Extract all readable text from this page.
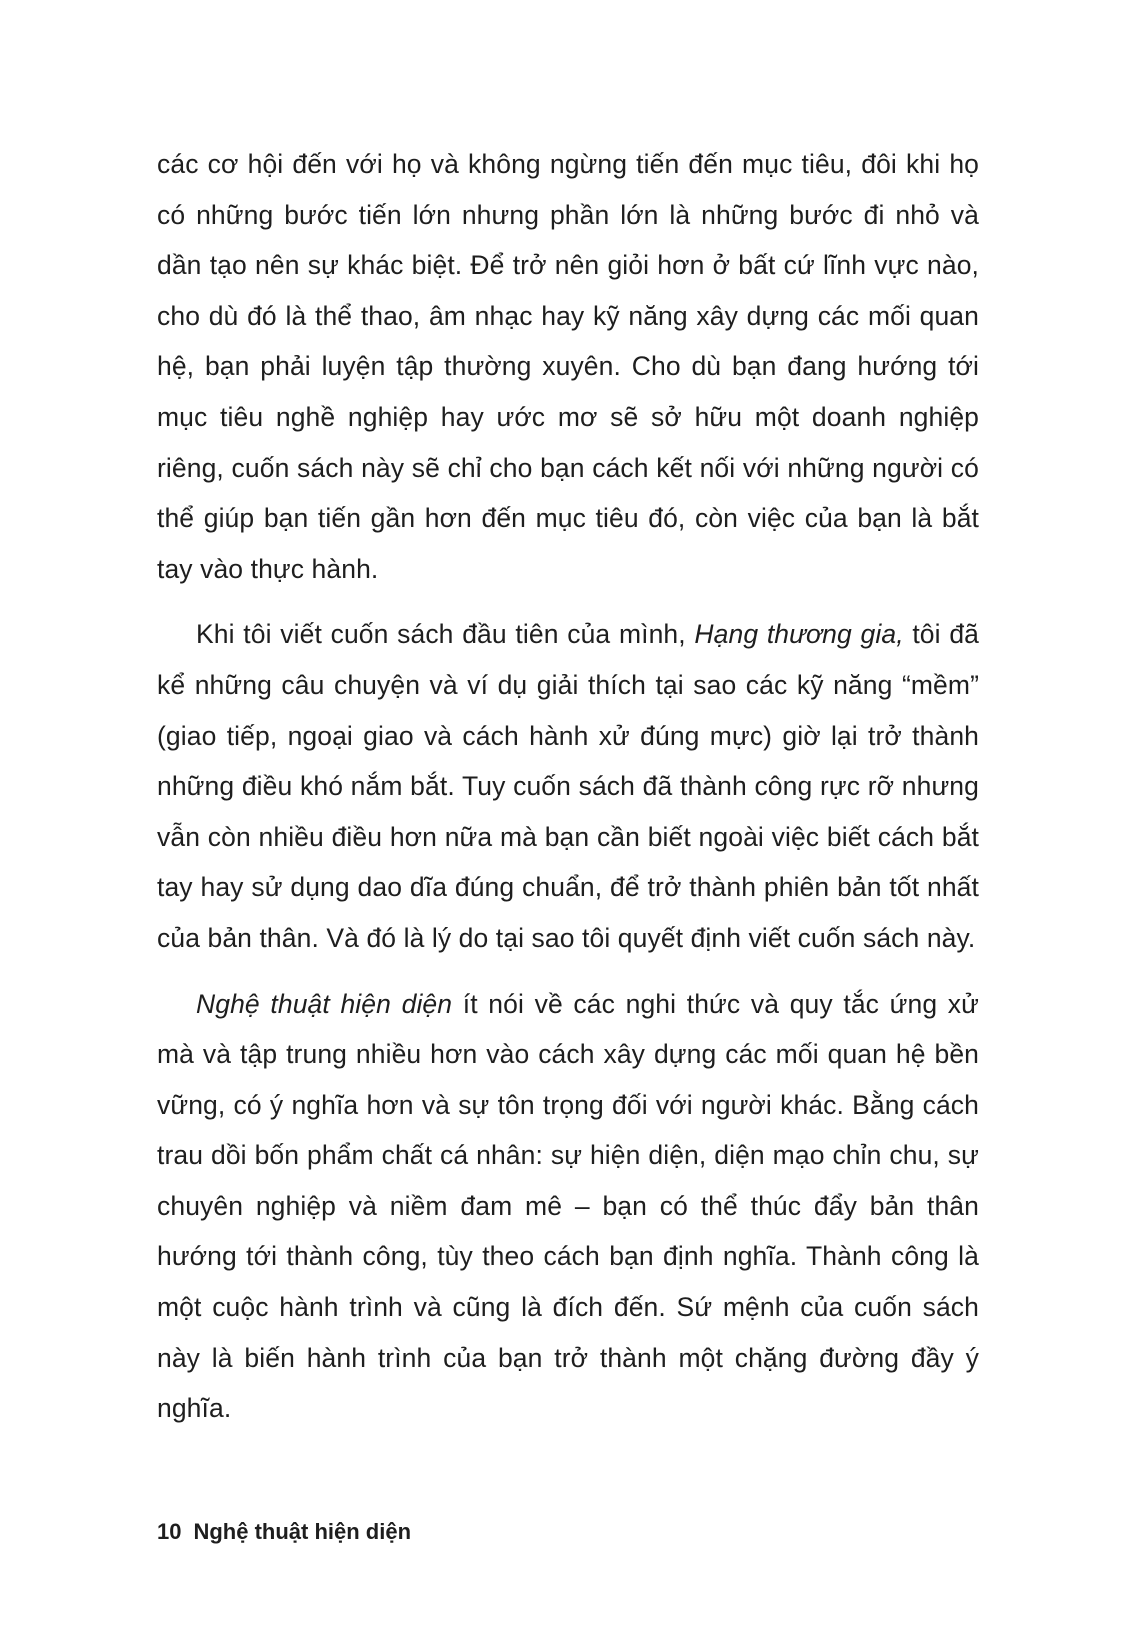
các cơ hội đến với họ và không ngừng tiến đến mục tiêu, đôi khi họ có những bước tiến lớn nhưng phần lớn là những bước đi nhỏ và dần tạo nên sự khác biệt. Để trở nên giỏi hơn ở bất cứ lĩnh vực nào, cho dù đó là thể thao, âm nhạc hay kỹ năng xây dựng các mối quan hệ, bạn phải luyện tập thường xuyên. Cho dù bạn đang hướng tới mục tiêu nghề nghiệp hay ước mơ sẽ sở hữu một doanh nghiệp riêng, cuốn sách này sẽ chỉ cho bạn cách kết nối với những người có thể giúp bạn tiến gần hơn đến mục tiêu đó, còn việc của bạn là bắt tay vào thực hành.

Khi tôi viết cuốn sách đầu tiên của mình, Hạng thương gia, tôi đã kể những câu chuyện và ví dụ giải thích tại sao các kỹ năng “mềm” (giao tiếp, ngoại giao và cách hành xử đúng mực) giờ lại trở thành những điều khó nắm bắt. Tuy cuốn sách đã thành công rực rỡ nhưng vẫn còn nhiều điều hơn nữa mà bạn cần biết ngoài việc biết cách bắt tay hay sử dụng dao dĩa đúng chuẩn, để trở thành phiên bản tốt nhất của bản thân. Và đó là lý do tại sao tôi quyết định viết cuốn sách này.

Nghệ thuật hiện diện ít nói về các nghi thức và quy tắc ứng xử mà và tập trung nhiều hơn vào cách xây dựng các mối quan hệ bền vững, có ý nghĩa hơn và sự tôn trọng đối với người khác. Bằng cách trau dồi bốn phẩm chất cá nhân: sự hiện diện, diện mạo chỉn chu, sự chuyên nghiệp và niềm đam mê – bạn có thể thúc đẩy bản thân hướng tới thành công, tùy theo cách bạn định nghĩa. Thành công là một cuộc hành trình và cũng là đích đến. Sứ mệnh của cuốn sách này là biến hành trình của bạn trở thành một chặng đường đầy ý nghĩa.

10 Nghệ thuật hiện diện
